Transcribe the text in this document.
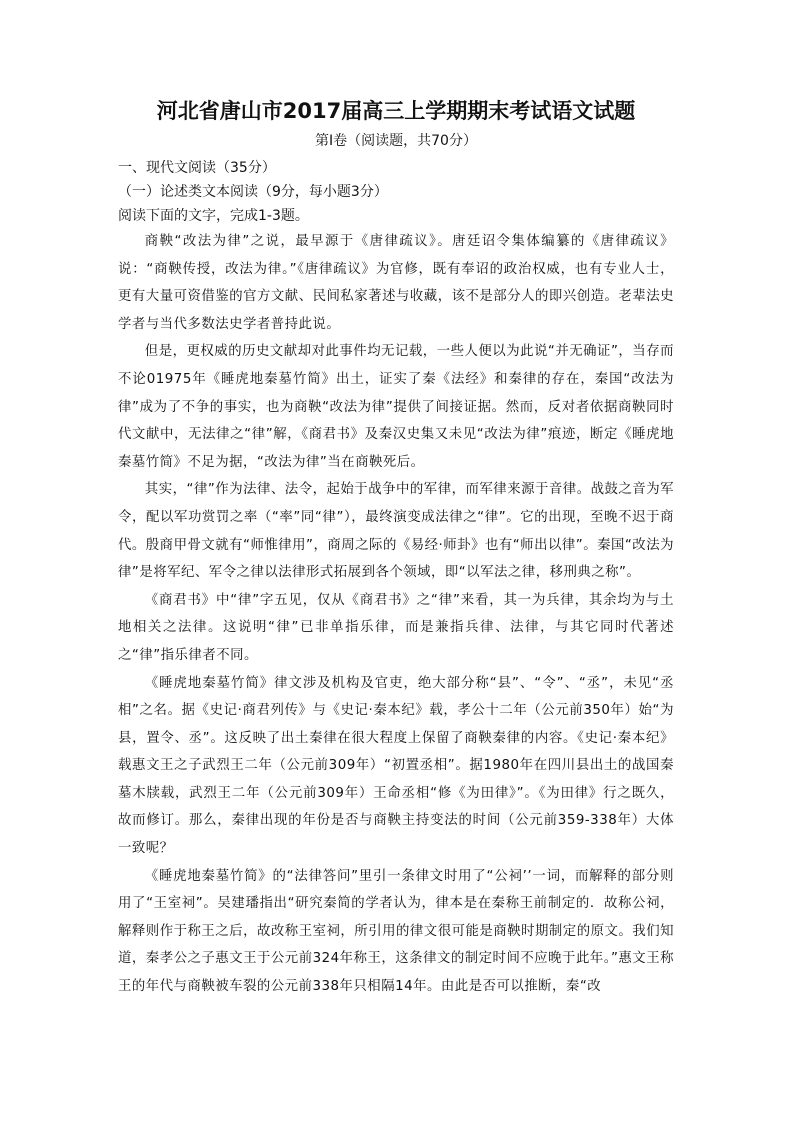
河北省唐山市2017届高三上学期期末考试语文试题
第Ⅰ卷（阅读题，共70分）
一、现代文阅读（35分）
（一）论述类文本阅读（9分，每小题3分）
阅读下面的文字，完成1-3题。

商鞅“改法为律”之说，最早源于《唐律疏议》。唐廷诏令集体编纂的《唐律疏议》说：“商鞅传授，改法为律。”《唐律疏议》为官修，既有奉诏的政治权威，也有专业人士，更有大量可资借鉴的官方文献、民间私家著述与收藏，该不是部分人的即兴创造。老辈法史学者与当代多数法史学者普持此说。

但是，更权威的历史文献却对此事件均无记载，一些人便以为此说“并无确证”，当存而不论01975年《睡虎地秦墓竹简》出土，证实了秦《法经》和秦律的存在，秦国“改法为律”成为了不争的事实，也为商鞅“改法为律”提供了间接证据。然而，反对者依据商鞅同时代文献中，无法律之“律”解，《商君书》及秦汉史集又未见“改法为律”痕迹，断定《睡虎地秦墓竹简》不足为据，“改法为律”当在商鞅死后。

其实，“律”作为法律、法令，起始于战争中的军律，而军律来源于音律。战鼓之音为军令，配以军功赏罚之率（“率”同“律”），最终演变成法律之“律”。它的出现，至晚不迟于商代。殷商甲骨文就有“师惟律用”，商周之际的《易经·师卦》也有“师出以律”。秦国“改法为律”是将军纪、军令之律以法律形式拓展到各个领域，即“以军法之律，移刑典之称”。

《商君书》中“律”字五见，仅从《商君书》之“律”来看，其一为兵律，其余均为与土地相关之法律。这说明“律”已非单指乐律，而是兼指兵律、法律，与其它同时代著述之“律”指乐律者不同。

《睡虎地秦墓竹简》律文涉及机构及官吏，绝大部分称“县”、“令”、“丞”，未见“丞相”之名。据《史记·商君列传》与《史记·秦本纪》载，孝公十二年（公元前350年）始“为县，置令、丞”。这反映了出土秦律在很大程度上保留了商鞅秦律的内容。《史记·秦本纪》载惠文王之子武烈王二年（公元前309年）“初置丞相”。据1980年在四川县出土的战国秦墓木牍载，武烈王二年（公元前309年）王命丞相“修《为田律》”。《为田律》行之既久，故而修订。那么，秦律出现的年份是否与商鞅主持变法的时间（公元前359-338年）大体一致呢？

《睡虎地秦墓竹简》的“法律答问”里引一条律文时用了“公祠’’一词，而解释的部分则用了“王室祠”。吴建璠指出“研究秦简的学者认为，律本是在秦称王前制定的．故称公祠，解释则作于称王之后，故改称王室祠，所引用的律文很可能是商鞅时期制定的原文。我们知道，秦孝公之子惠文王于公元前324年称王，这条律文的制定时间不应晚于此年。”惠文王称王的年代与商鞅被车裂的公元前338年只相隔14年。由此是否可以推断，秦“改
